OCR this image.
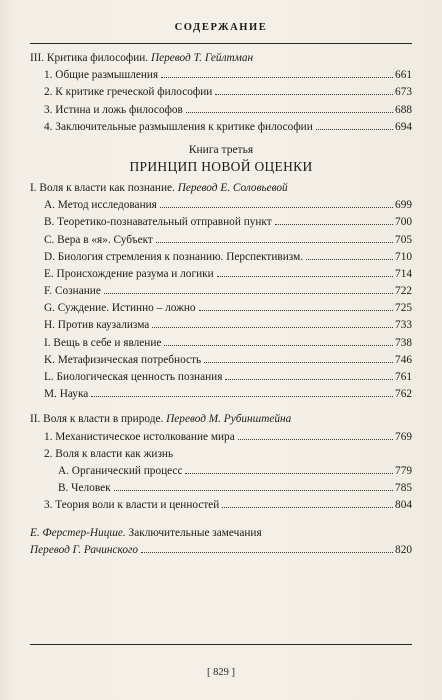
СОДЕРЖАНИЕ
III. Критика философии. Перевод Т. Гейлтман
1. Общие размышления	661
2. К критике греческой философии	673
3. Истина и ложь философов	688
4. Заключительные размышления к критике философии	694
Книга третья
ПРИНЦИП НОВОЙ ОЦЕНКИ
I. Воля к власти как познание. Перевод Е. Соловьевой
A. Метод исследования	699
B. Теоретико-познавательный отправной пункт	700
C. Вера в «я». Субъект	705
D. Биология стремления к познанию. Перспективизм.	710
E. Происхождение разума и логики	714
F. Сознание	722
G. Суждение. Истинно – ложно	725
H. Против каузализма	733
I. Вещь в себе и явление	738
K. Метафизическая потребность	746
L. Биологическая ценность познания	761
M. Наука	762
II. Воля к власти в природе. Перевод М. Рубинштейна
1. Механистическое истолкование мира	769
2. Воля к власти как жизнь
A. Органический процесс	779
B. Человек	785
3. Теория воли к власти и ценностей	804
Е. Ферстер-Ницше. Заключительные замечания
Перевод Г. Рачинского	820
[ 829 ]
